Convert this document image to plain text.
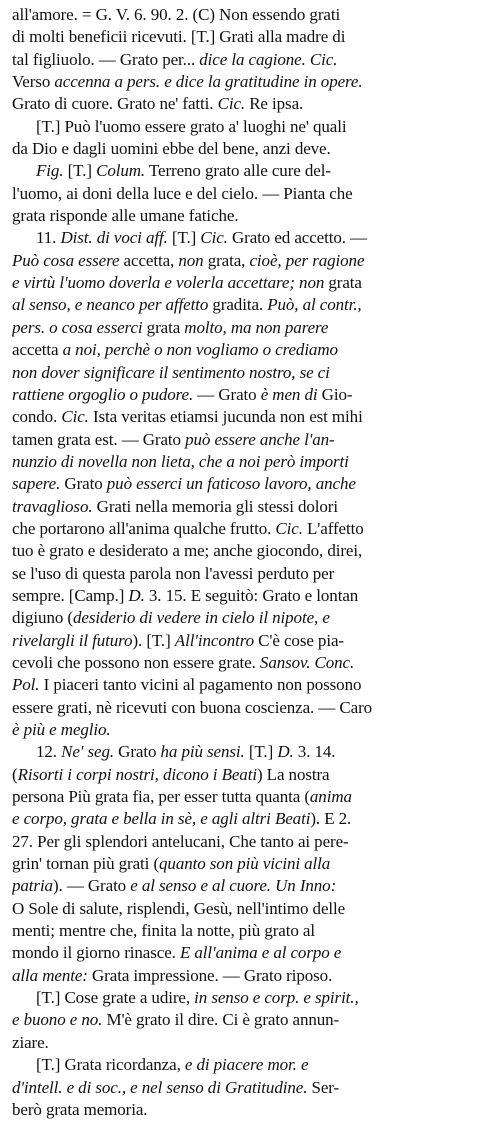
all'amore. = G. V. 6. 90. 2. (C) Non essendo grati
di molti beneficii ricevuti. [T.] Grati alla madre di
tal figliuolo. — Grato per... dice la cagione. Cic.
Verso accenna a pers. e dice la gratitudine in opere.
Grato di cuore. Grato ne' fatti. Cic. Re ipsa.
[T.] Può l'uomo essere grato a' luoghi ne' quali
da Dio e dagli uomini ebbe del bene, anzi deve.
Fig. [T.] Colum. Terreno grato alle cure del-
l'uomo, ai doni della luce e del cielo. — Pianta che
grata risponde alle umane fatiche.
11. Dist. di voci aff. [T.] Cic. Grato ed accetto. —
Può cosa essere accetta, non grata, cioè, per ragione
e virtù l'uomo doverla e volerla accettare; non grata
al senso, e neanco per affetto gradita. Può, al contr.,
pers. o cosa esserci grata molto, ma non parere
accetta a noi, perchè o non vogliamo o crediamo
non dover significare il sentimento nostro, se ci
rattiene orgoglio o pudore. — Grato è men di Gio-
condo. Cic. Ista veritas etiamsi jucunda non est mihi
tamen grata est. — Grato può essere anche l'an-
nunzio di novella non lieta, che a noi però importi
sapere. Grato può esserci un faticoso lavoro, anche
travaglioso. Grati nella memoria gli stessi dolori
che portarono all'anima qualche frutto. Cic. L'affetto
tuo è grato e desiderato a me; anche giocondo, direi,
se l'uso di questa parola non l'avessi perduto per
sempre. [Camp.] D. 3. 15. E seguitò: Grato e lontan
digiuno (desiderio di vedere in cielo il nipote, e
rivelargli il futuro). [T.] All'incontro C'è cose pia-
cevoli che possono non essere grate. Sansov. Conc.
Pol. I piaceri tanto vicini al pagamento non possono
essere grati, nè ricevuti con buona coscienza. — Caro
è più e meglio.
12. Ne' seg. Grato ha più sensi. [T.] D. 3. 14.
(Risorti i corpi nostri, dicono i Beati) La nostra
persona Più grata fia, per esser tutta quanta (anima
e corpo, grata e bella in sè, e agli altri Beati). E 2.
27. Per gli splendori antelucani, Che tanto ai pere-
grin' tornan più grati (quanto son più vicini alla
patria). — Grato e al senso e al cuore. Un Inno:
O Sole di salute, risplendi, Gesù, nell'intimo delle
menti; mentre che, finita la notte, più grato al
mondo il giorno rinasce. E all'anima e al corpo e
alla mente: Grata impressione. — Grato riposo.
[T.] Cose grate a udire, in senso e corp. e spirit.,
e buono e no. M'è grato il dire. Ci è grato annun-
ziare.
[T.] Grata ricordanza, e di piacere mor. e
d'intell. e di soc., e nel senso di Gratitudine. Ser-
berò grata memoria.
